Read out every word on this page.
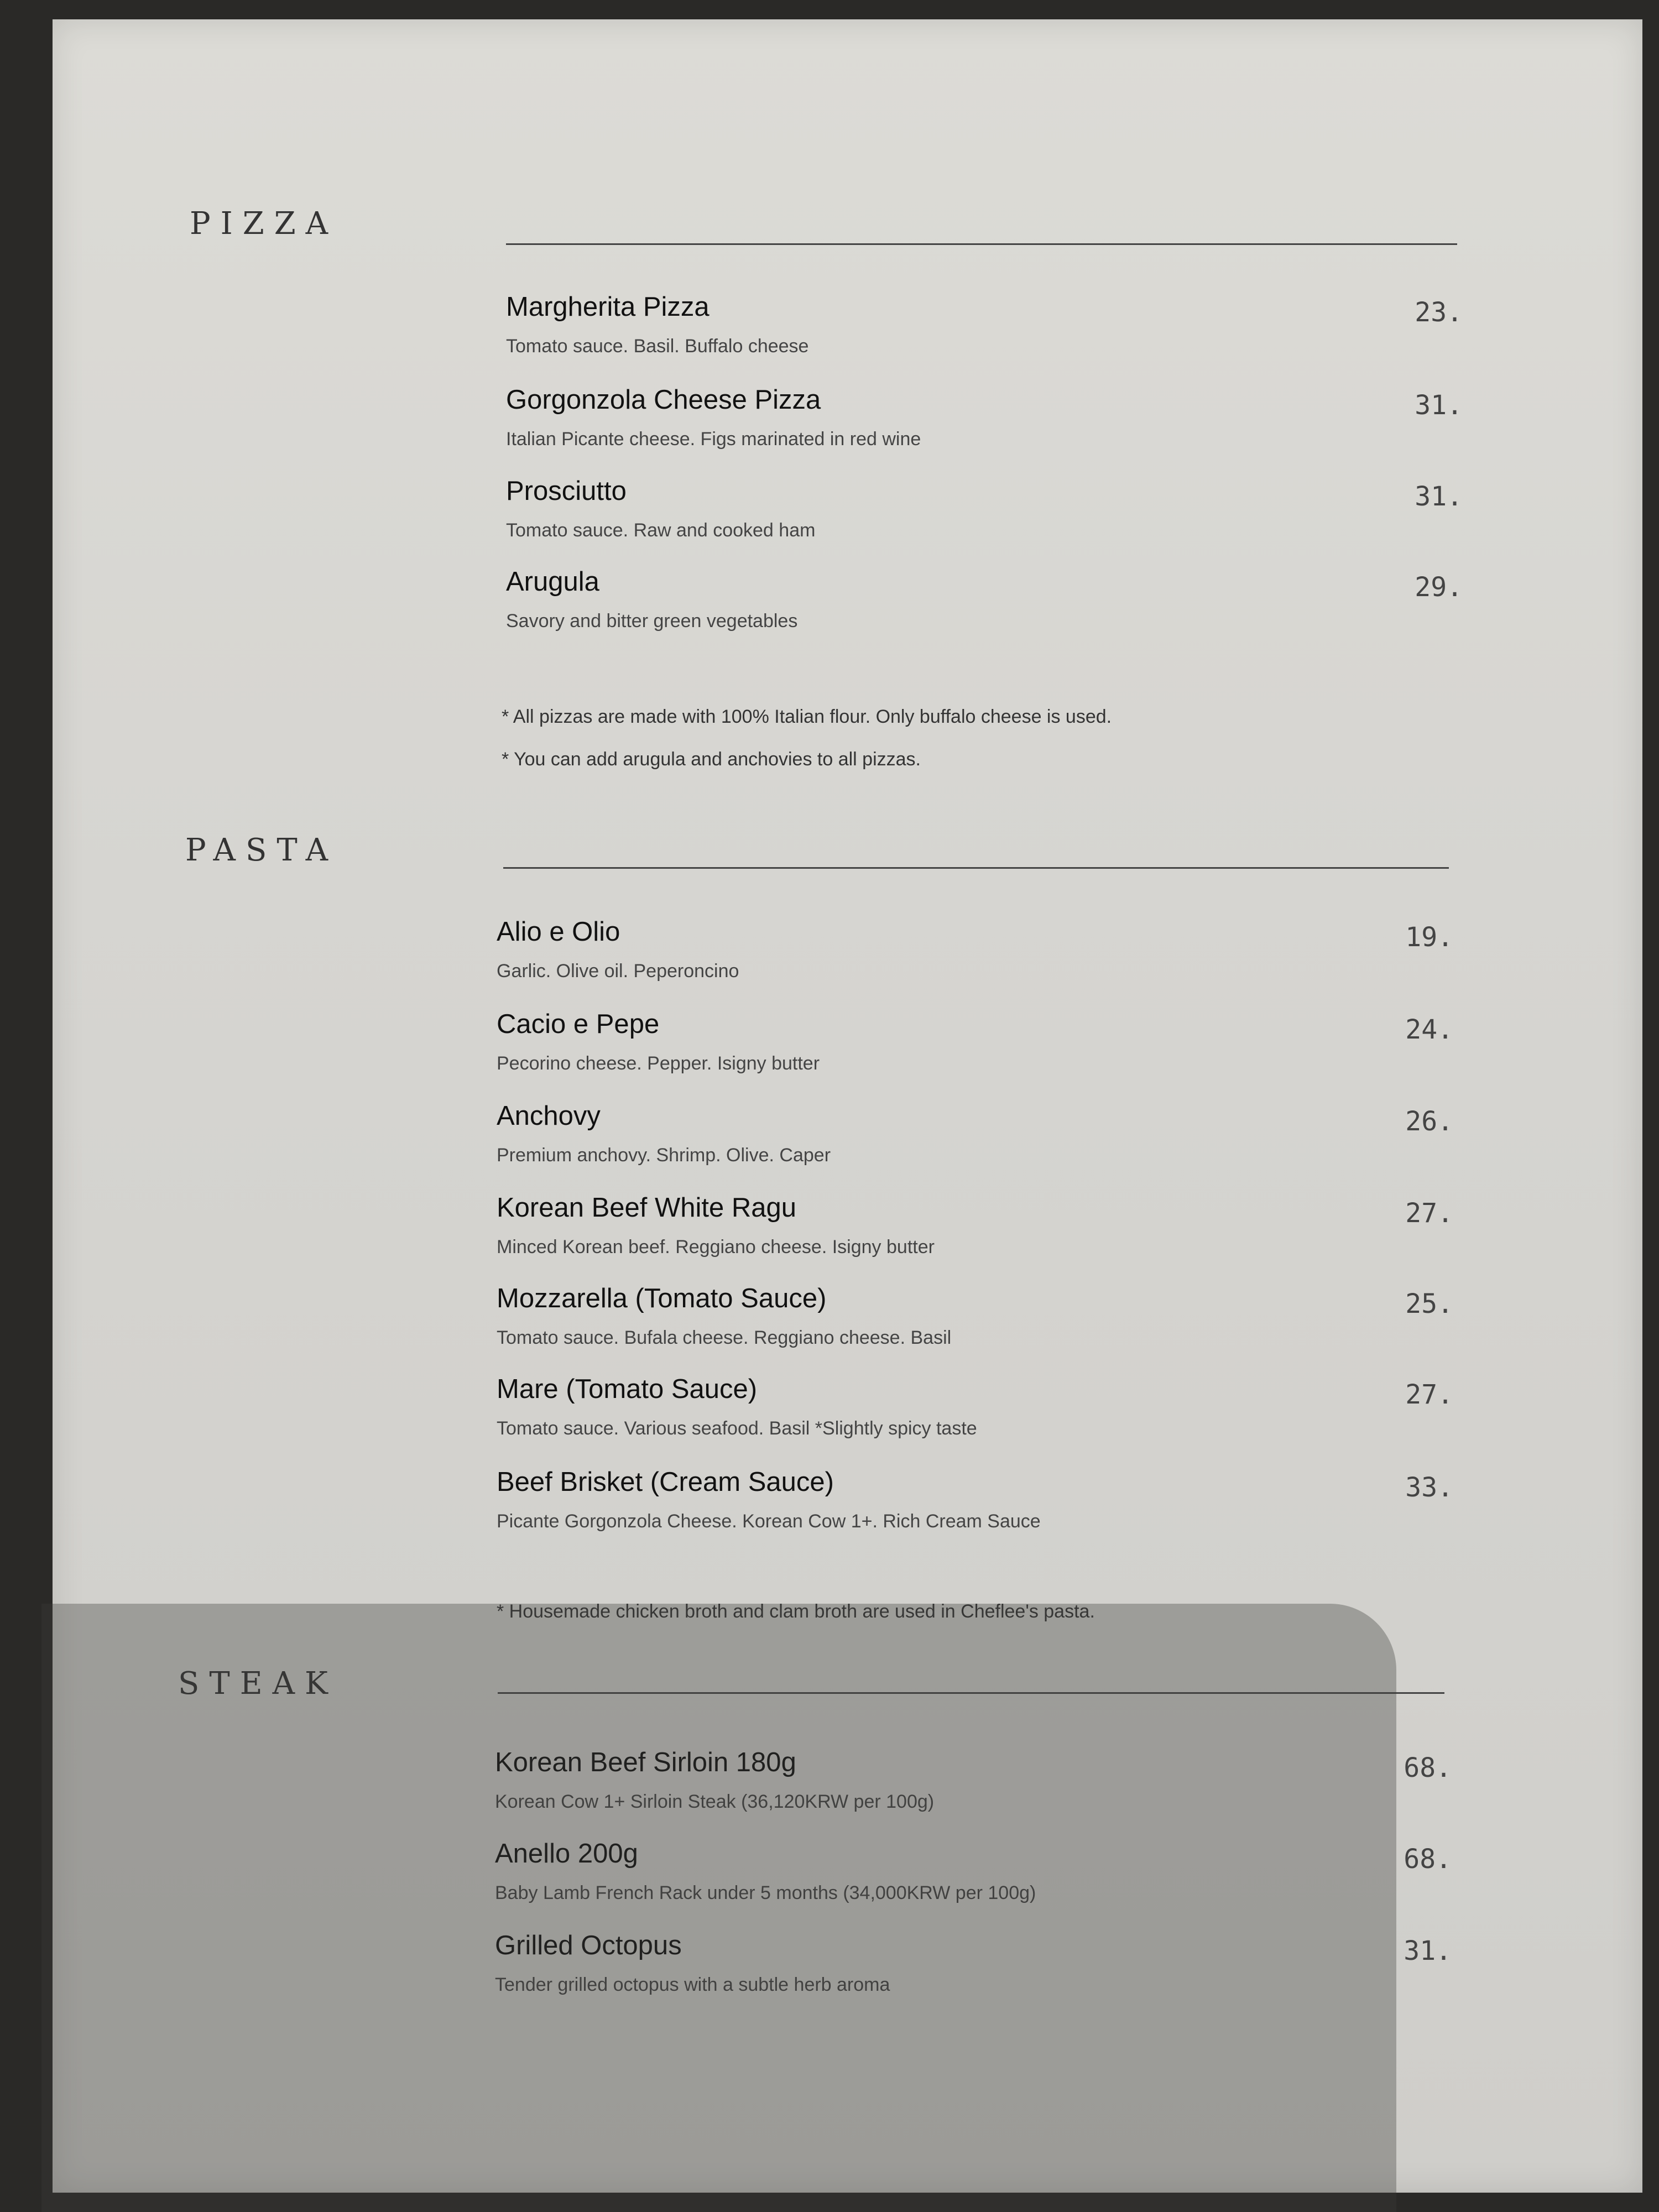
PIZZA
Margherita Pizza
Tomato sauce. Basil. Buffalo cheese
23.
Gorgonzola Cheese Pizza
Italian Picante cheese. Figs marinated in red wine
31.
Prosciutto
Tomato sauce. Raw and cooked ham
31.
Arugula
Savory and bitter green vegetables
29.
* All pizzas are made with 100% Italian flour. Only buffalo cheese is used.
* You can add arugula and anchovies to all pizzas.
PASTA
Alio e Olio
Garlic. Olive oil. Peperoncino
19.
Cacio e Pepe
Pecorino cheese. Pepper. Isigny butter
24.
Anchovy
Premium anchovy. Shrimp. Olive. Caper
26.
Korean Beef White Ragu
Minced Korean beef. Reggiano cheese. Isigny butter
27.
Mozzarella (Tomato Sauce)
Tomato sauce. Bufala cheese. Reggiano cheese. Basil
25.
Mare (Tomato Sauce)
Tomato sauce. Various seafood. Basil *Slightly spicy taste
27.
Beef Brisket (Cream Sauce)
Picante Gorgonzola Cheese. Korean Cow 1+. Rich Cream Sauce
33.
* Housemade chicken broth and clam broth are used in Cheflee's pasta.
STEAK
Korean Beef Sirloin 180g
Korean Cow 1+ Sirloin Steak (36,120KRW per 100g)
68.
Anello 200g
Baby Lamb French Rack under 5 months (34,000KRW per 100g)
68.
Grilled Octopus
Tender grilled octopus with a subtle herb aroma
31.
